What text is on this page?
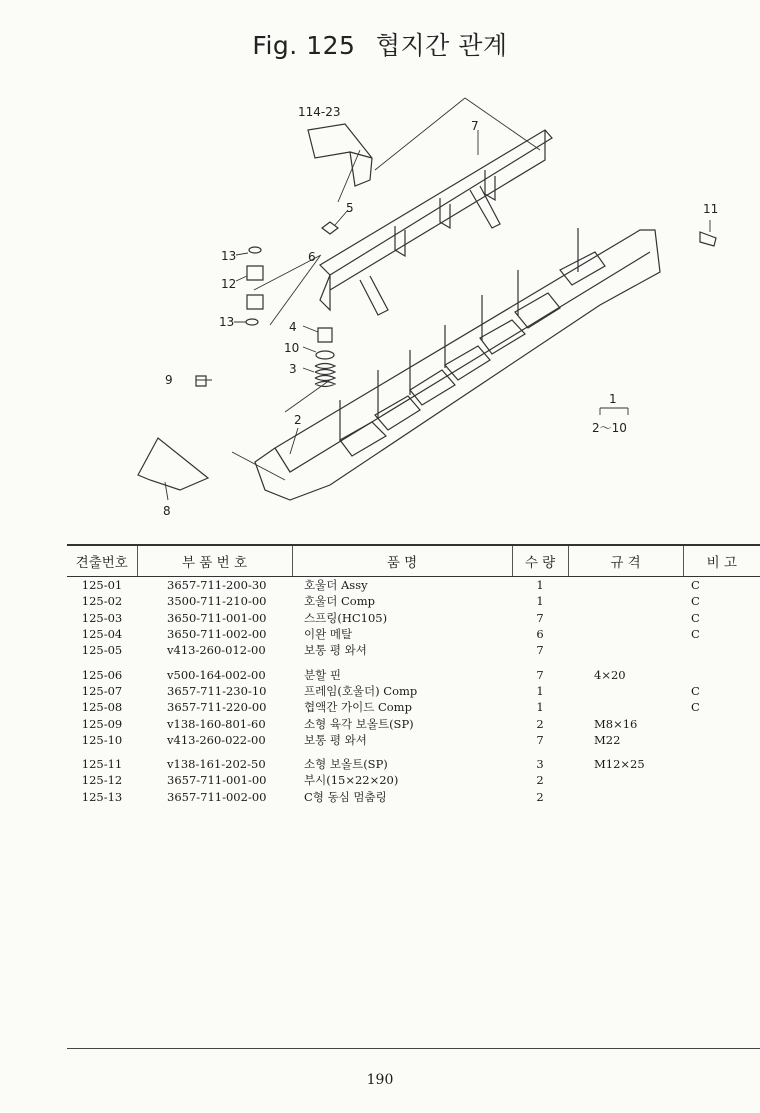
Fig. 125 협지간 관계
114-23
7
5
6
11
13
12
13	4
10
3
9
2
8
1
2～10
견출번호	부 품 번 호	품 명	수 량	규 격	비 고
125-01	3657-711-200-30	호울더 Assy	1		C
125-02	3500-711-210-00	호울더 Comp	1		C
125-03	3650-711-001-00	스프링(HC105)	7		C
125-04	3650-711-002-00	이완 메탈	6		C
125-05	v413-260-012-00	보통 평 와셔	7		

125-06	v500-164-002-00	분할 핀	7	4×20	
125-07	3657-711-230-10	프레임(호울더) Comp	1		C
125-08	3657-711-220-00	협액간 가이드 Comp	1		C
125-09	v138-160-801-60	소형 육각 보올트(SP)	2	M8×16	
125-10	v413-260-022-00	보통 평 와셔	7	M22	

125-11	v138-161-202-50	소형 보올트(SP)	3	M12×25	
125-12	3657-711-001-00	부시(15×22×20)	2		
125-13	3657-711-002-00	C형 동심 멈춤링	2		
190
